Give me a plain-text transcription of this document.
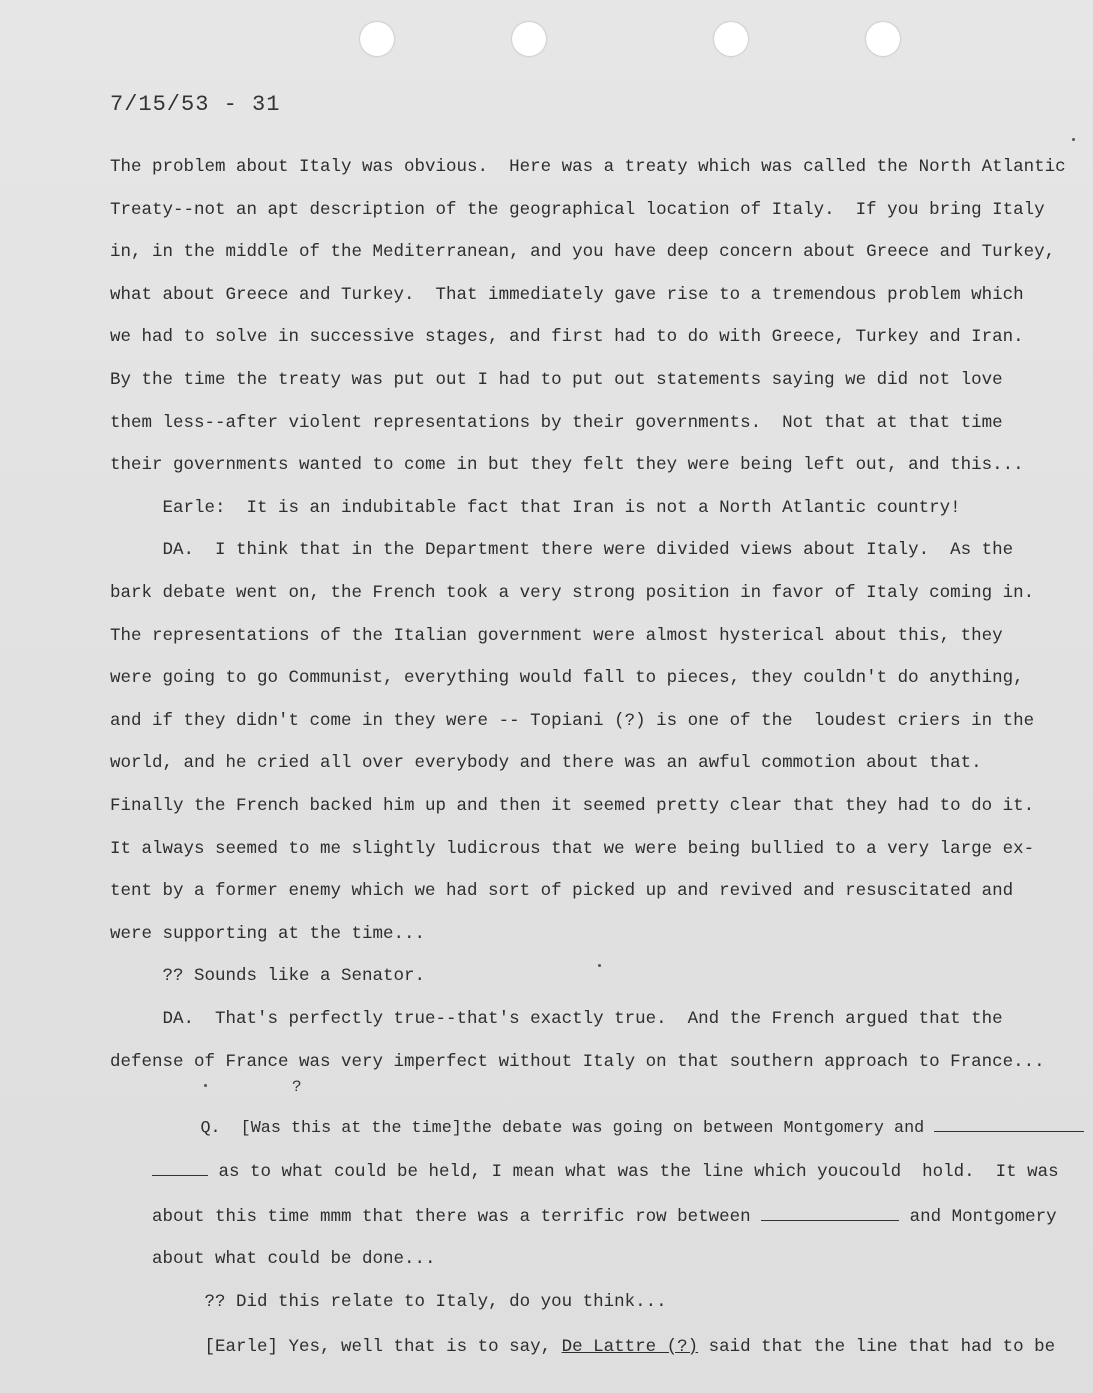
7/15/53 - 31
The problem about Italy was obvious.  Here was a treaty which was called the North Atlantic
Treaty--not an apt description of the geographical location of Italy.  If you bring Italy
in, in the middle of the Mediterranean, and you have deep concern about Greece and Turkey,
what about Greece and Turkey.  That immediately gave rise to a tremendous problem which
we had to solve in successive stages, and first had to do with Greece, Turkey and Iran.
By the time the treaty was put out I had to put out statements saying we did not love
them less--after violent representations by their governments.  Not that at that time
their governments wanted to come in but they felt they were being left out, and this...
Earle:  It is an indubitable fact that Iran is not a North Atlantic country!
DA.  I think that in the Department there were divided views about Italy.  As the
bark debate went on, the French took a very strong position in favor of Italy coming in.
The representations of the Italian government were almost hysterical about this, they
were going to go Communist, everything would fall to pieces, they couldn't do anything,
and if they didn't come in they were -- Topiani (?) is one of the  loudest criers in the
world, and he cried all over everybody and there was an awful commotion about that.
Finally the French backed him up and then it seemed pretty clear that they had to do it.
It always seemed to me slightly ludicrous that we were being bullied to a very large ex-
tent by a former enemy which we had sort of picked up and revived and resuscitated and
were supporting at the time...
?? Sounds like a Senator.
DA.  That's perfectly true--that's exactly true.  And the French argued that the
defense of France was very imperfect without Italy on that southern approach to France...

Q.  [Was this at the time]the debate was going on between Montgomery and

?

as to what could be held, I mean what was the line which youcould  hold.  It was

about this time mmm that there was a terrific row between	and Montgomery

about what could be done...

?? Did this relate to Italy, do you think...

[Earle] Yes, well that is to say, De Lattre (?) said that the line that had to be
